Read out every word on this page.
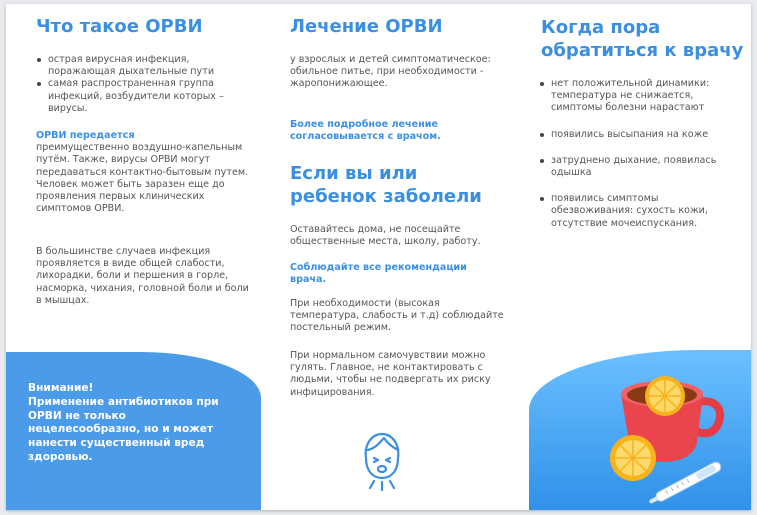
Что такое ОРВИ
острая вирусная инфекция, поражающая дыхательные пути
самая распространенная группа инфекций, возбудители которых – вирусы.
ОРВИ передается
преимущественно воздушно-капельным путём. Также, вирусы ОРВИ могут передаваться контактно-бытовым путем. Человек может быть заразен еще до проявления первых клинических симптомов ОРВИ.
В большинстве случаев инфекция проявляется в виде общей слабости, лихорадки, боли и першения в горле, насморка, чихания, головной боли и боли в мышцах.
Внимание!
Применение антибиотиков при ОРВИ не только нецелесообразно, но и может нанести существенный вред здоровью.
Лечение ОРВИ
у взрослых и детей симптоматическое: обильное питье, при необходимости - жаропонижающее.
Более подробное лечение согласовывается с врачом.
Если вы или ребенок заболели
Оставайтесь дома, не посещайте общественные места, школу, работу.
Соблюдайте все рекомендации врача.
При необходимости (высокая температура, слабость и т.д) соблюдайте постельный режим.
При нормальном самочувствии можно гулять. Главное, не контактировать с людьми, чтобы не подвергать их риску инфицирования.
Когда пора обратиться к врачу
нет положительной динамики: температура не снижается, симптомы болезни нарастают
появились высыпания на коже
затруднено дыхание, появилась одышка
появились симптомы обезвоживания: сухость кожи, отсутствие мочеиспускания.
